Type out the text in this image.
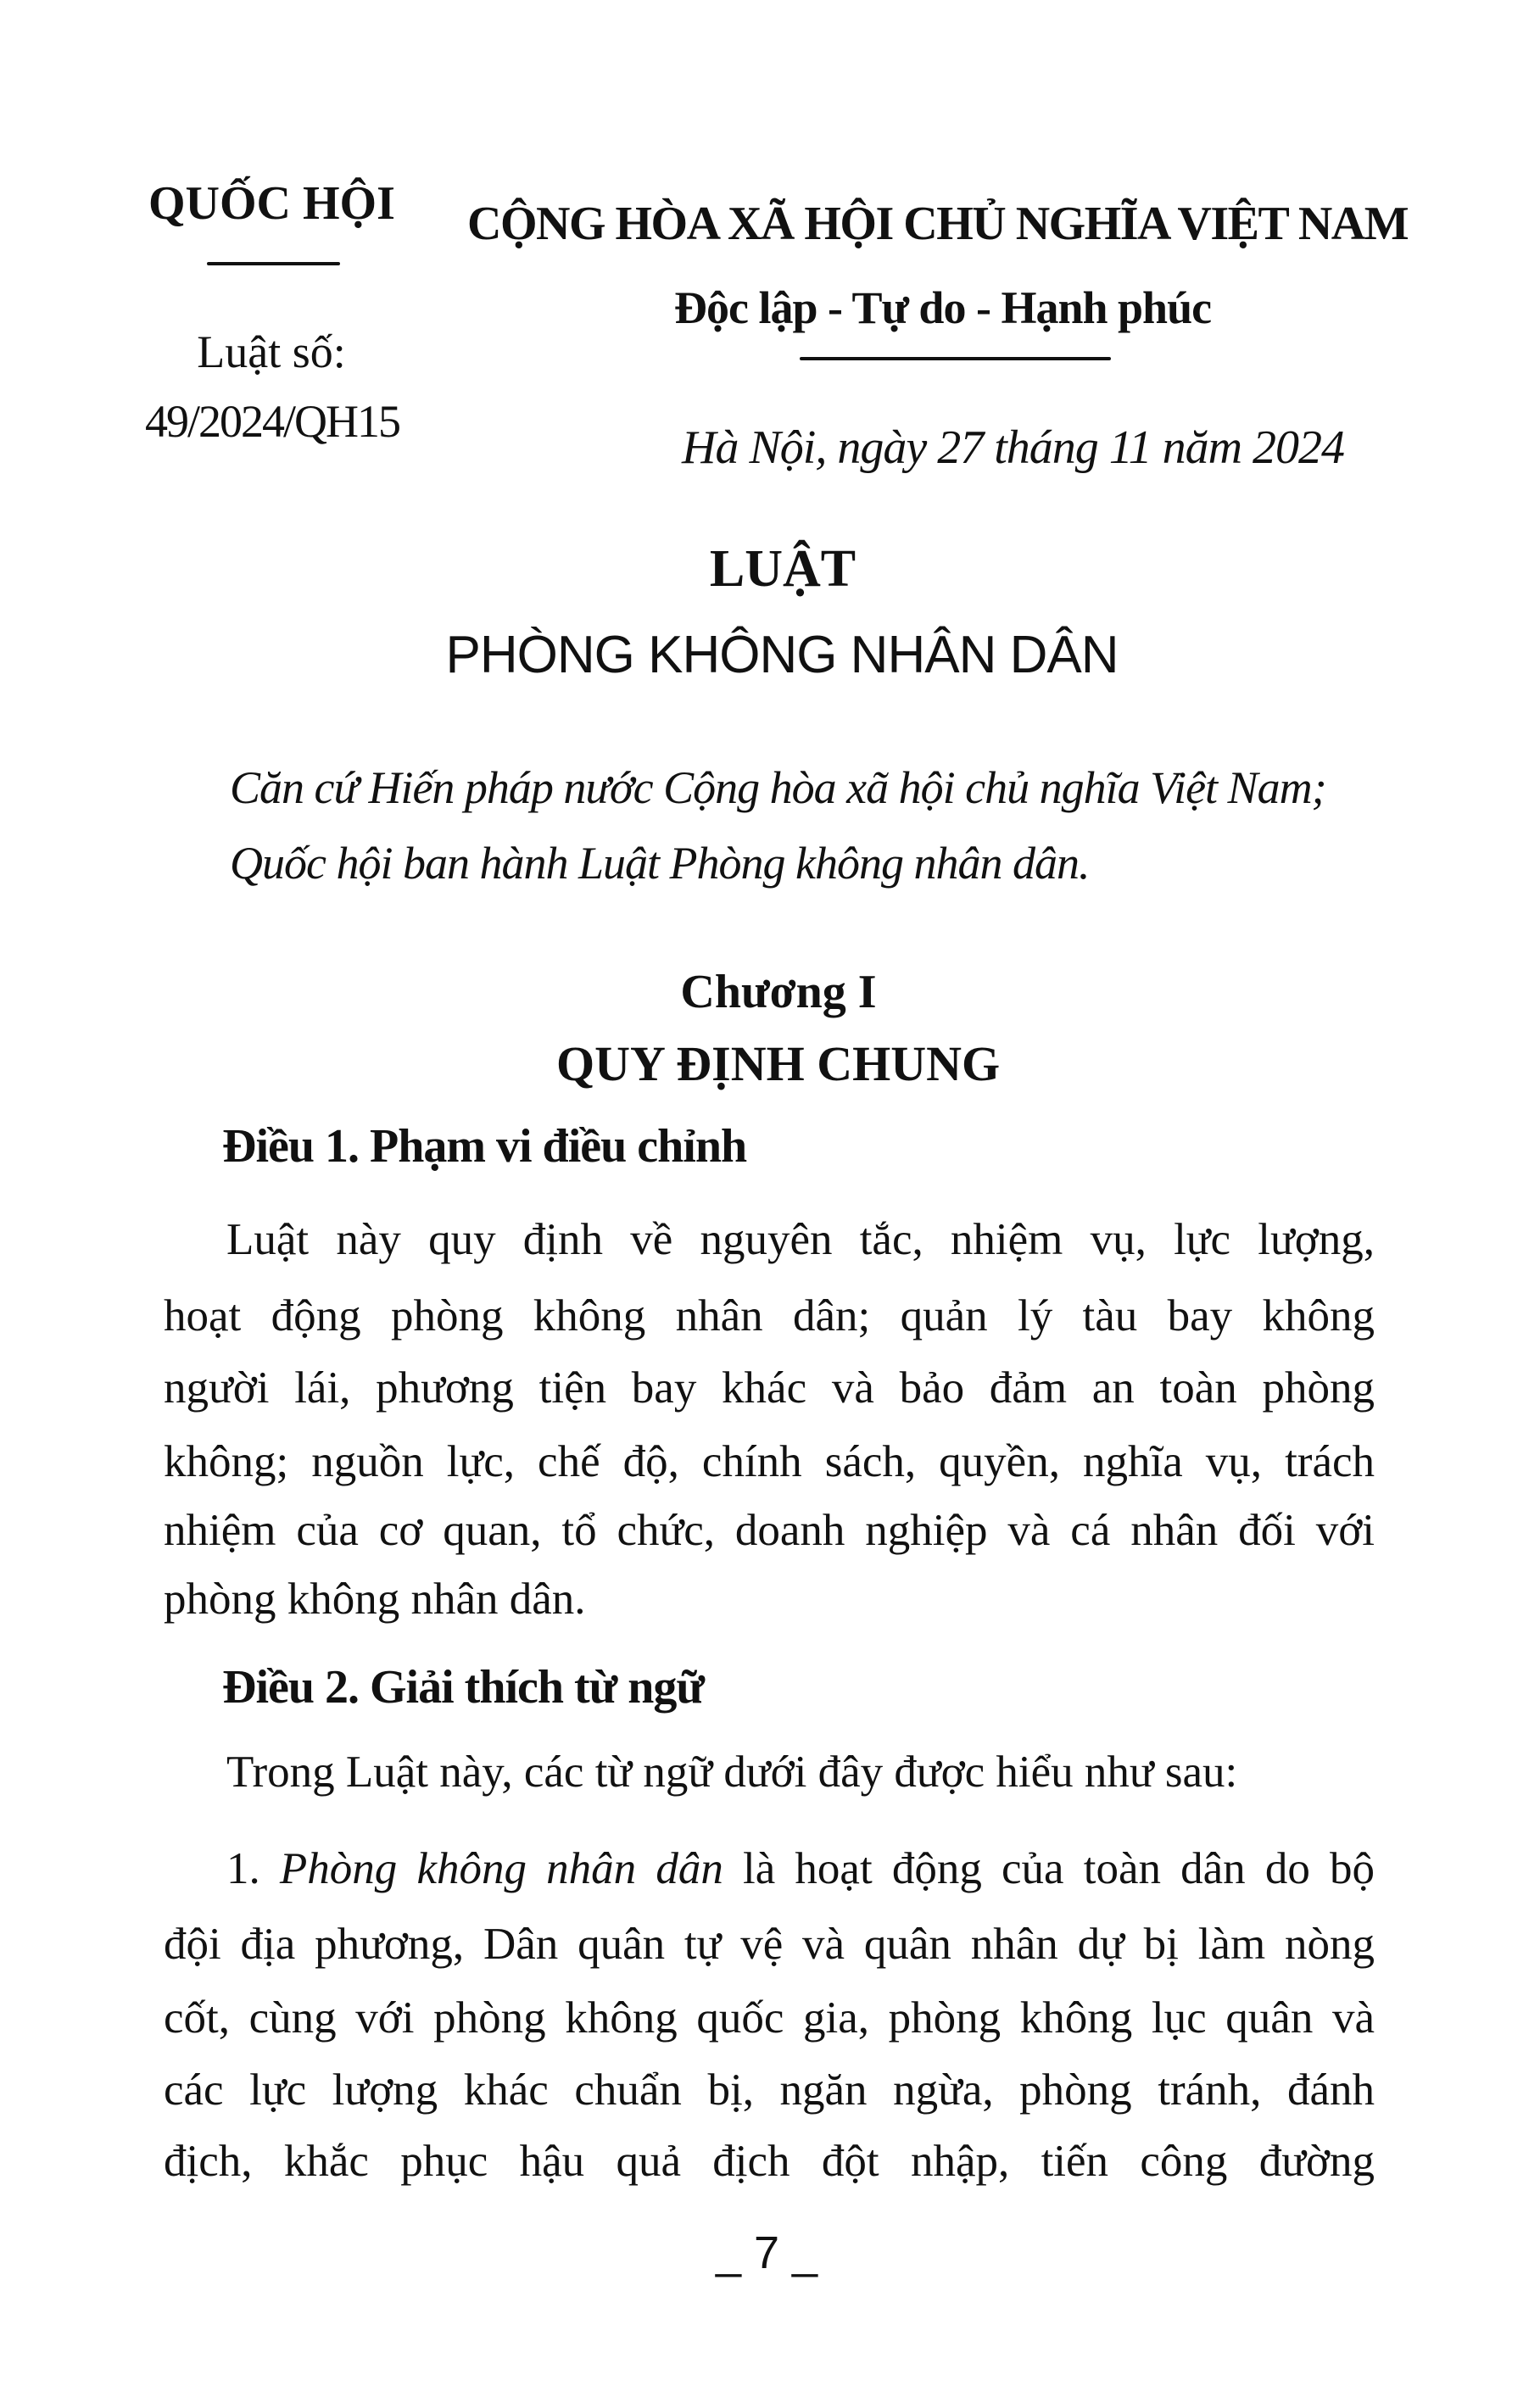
QUỐC HỘI
Luật số:
49/2024/QH15
CỘNG HÒA XÃ HỘI CHỦ NGHĨA VIỆT NAM
Độc lập - Tự do - Hạnh phúc
Hà Nội, ngày 27 tháng 11 năm 2024
LUẬT
PHÒNG KHÔNG NHÂN DÂN
Căn cứ Hiến pháp nước Cộng hòa xã hội chủ nghĩa Việt Nam;
Quốc hội ban hành Luật Phòng không nhân dân.
Chương I
QUY ĐỊNH CHUNG
Điều 1. Phạm vi điều chỉnh
Luật này quy định về nguyên tắc, nhiệm vụ, lực lượng,
hoạt động phòng không nhân dân; quản lý tàu bay không
người lái, phương tiện bay khác và bảo đảm an toàn phòng
không; nguồn lực, chế độ, chính sách, quyền, nghĩa vụ, trách
nhiệm của cơ quan, tổ chức, doanh nghiệp và cá nhân đối với
phòng không nhân dân.
Điều 2. Giải thích từ ngữ
Trong Luật này, các từ ngữ dưới đây được hiểu như sau:
1. Phòng không nhân dân là hoạt động của toàn dân do bộ
đội địa phương, Dân quân tự vệ và quân nhân dự bị làm nòng
cốt, cùng với phòng không quốc gia, phòng không lục quân và
các lực lượng khác chuẩn bị, ngăn ngừa, phòng tránh, đánh
địch, khắc phục hậu quả địch đột nhập, tiến công đường
_ 7 _
